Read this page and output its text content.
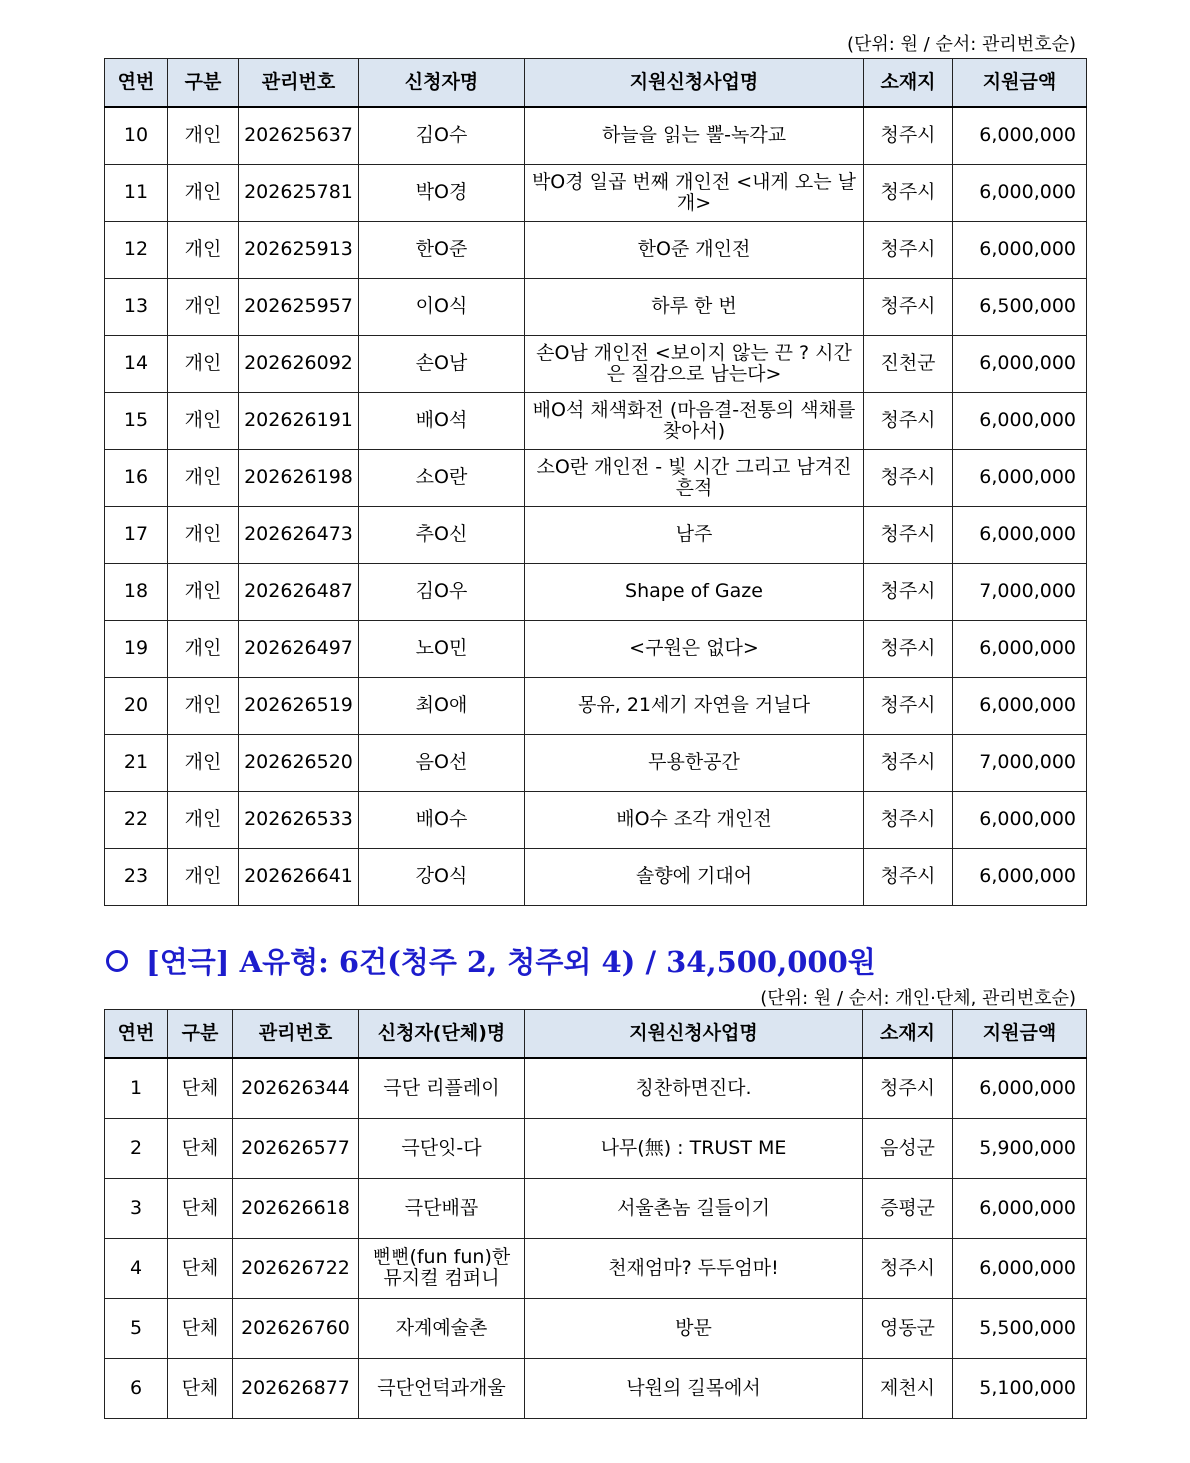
(단위: 원 / 순서: 관리번호순)
연번	구분	관리번호	신청자명	지원신청사업명	소재지	지원금액
10	개인	202625637	김O수	하늘을 읽는 뿔-녹각교	청주시	6,000,000
11	개인	202625781	박O경	박O경 일곱 번째 개인전 <내게 오는 날개>	청주시	6,000,000
12	개인	202625913	한O준	한O준 개인전	청주시	6,000,000
13	개인	202625957	이O식	하루 한 번	청주시	6,500,000
14	개인	202626092	손O남	손O남 개인전 <보이지 않는 끈 ? 시간은 질감으로 남는다>	진천군	6,000,000
15	개인	202626191	배O석	배O석 채색화전 (마음결-전통의 색채를 찾아서)	청주시	6,000,000
16	개인	202626198	소O란	소O란 개인전 - 빛 시간 그리고 남겨진 흔적	청주시	6,000,000
17	개인	202626473	추O신	남주	청주시	6,000,000
18	개인	202626487	김O우	Shape of Gaze	청주시	7,000,000
19	개인	202626497	노O민	<구원은 없다>	청주시	6,000,000
20	개인	202626519	최O애	몽유, 21세기 자연을 거닐다	청주시	6,000,000
21	개인	202626520	음O선	무용한공간	청주시	7,000,000
22	개인	202626533	배O수	배O수 조각 개인전	청주시	6,000,000
23	개인	202626641	강O식	솔향에 기대어	청주시	6,000,000
[연극] A유형: 6건(청주 2, 청주외 4) / 34,500,000원
(단위: 원 / 순서: 개인·단체, 관리번호순)
연번	구분	관리번호	신청자(단체)명	지원신청사업명	소재지	지원금액
1	단체	202626344	극단 리플레이	칭찬하면진다.	청주시	6,000,000
2	단체	202626577	극단잇-다	나무(無) : TRUST ME	음성군	5,900,000
3	단체	202626618	극단배꼽	서울촌놈 길들이기	증평군	6,000,000
4	단체	202626722	뻔뻔(fun fun)한 뮤지컬 컴퍼니	천재엄마? 두두엄마!	청주시	6,000,000
5	단체	202626760	자계예술촌	방문	영동군	5,500,000
6	단체	202626877	극단언덕과개울	낙원의 길목에서	제천시	5,100,000
